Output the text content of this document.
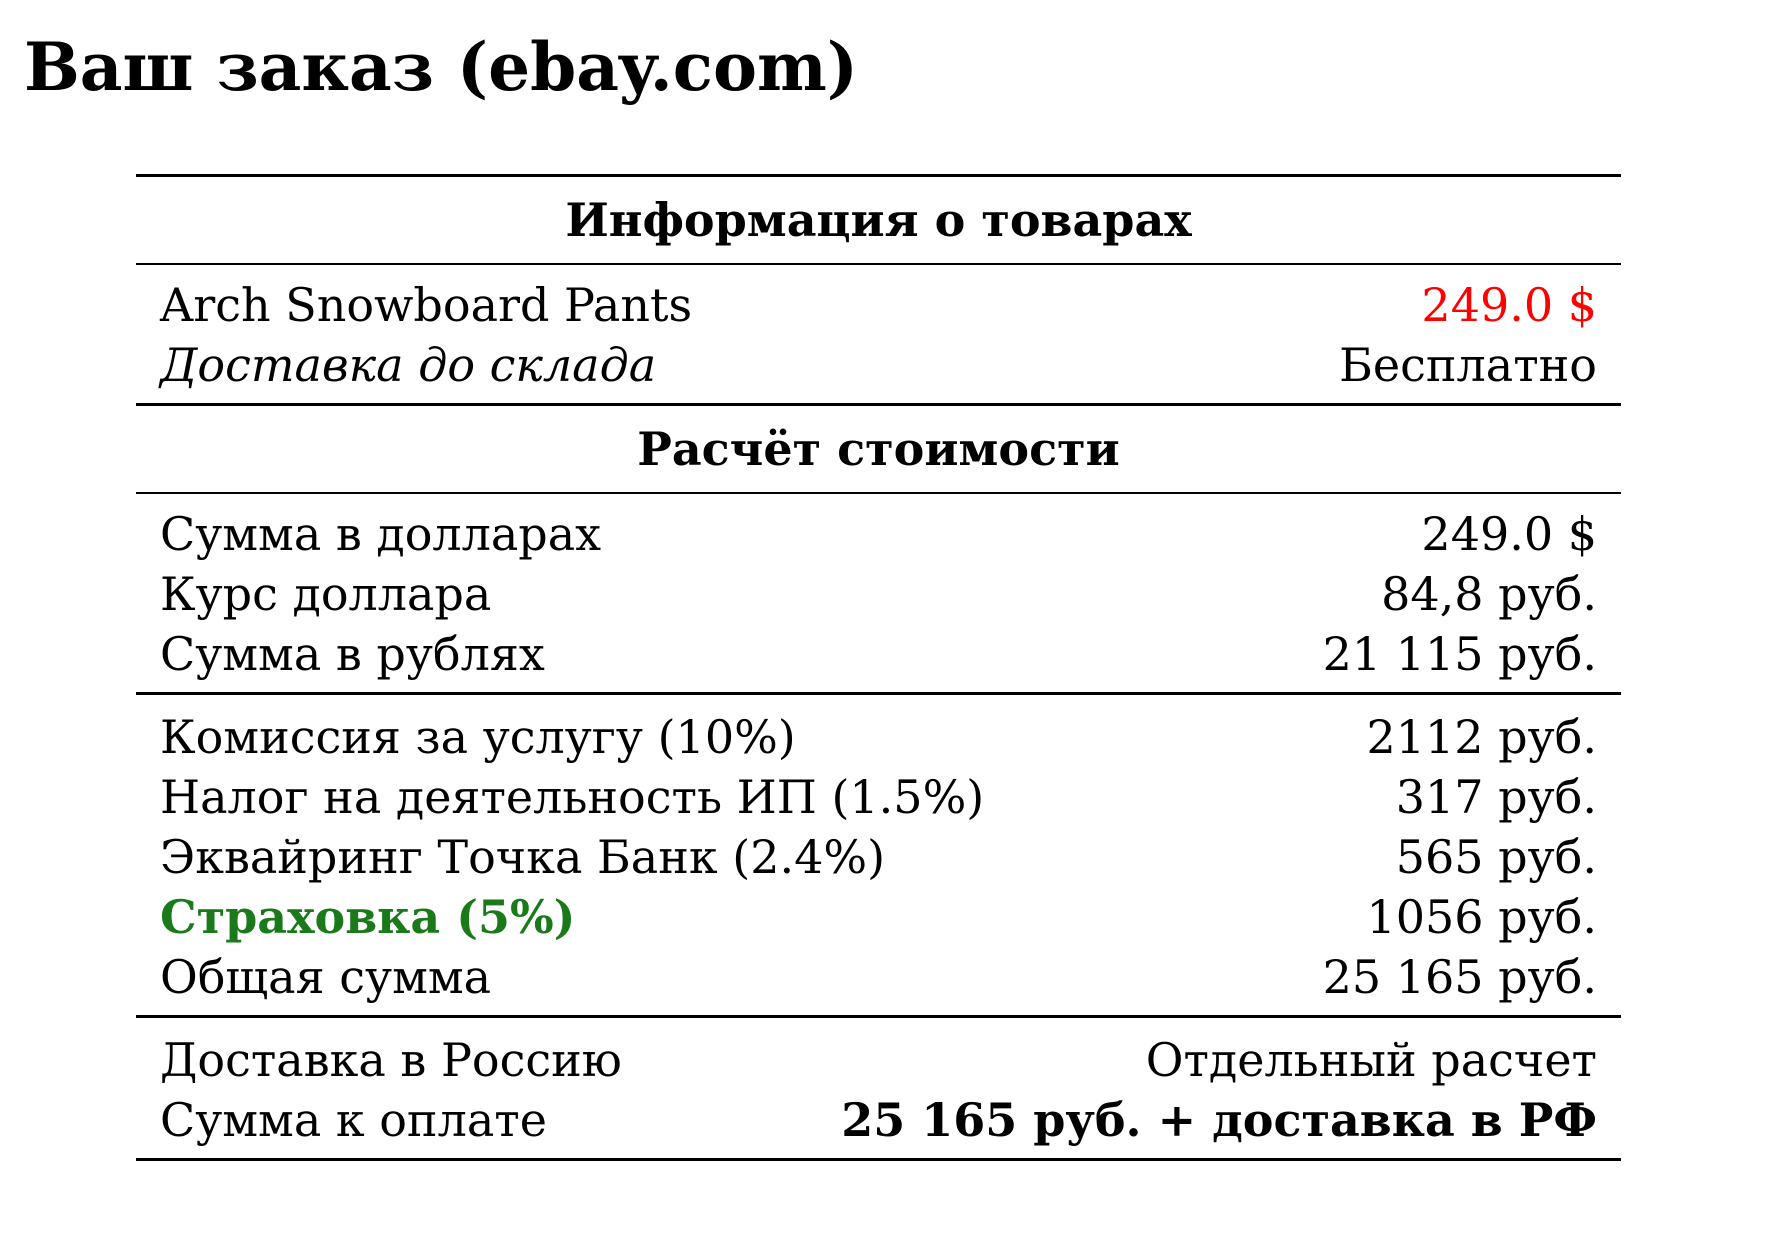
Ваш заказ (ebay.com)
Информация о товарах
Arch Snowboard Pants	249.0 $
Доставка до склада	Бесплатно
Расчёт стоимости
Сумма в долларах	249.0 $
Курс доллара	84,8 руб.
Сумма в рублях	21 115 руб.
Комиссия за услугу (10%)	2112 руб.
Налог на деятельность ИП (1.5%)	317 руб.
Эквайринг Точка Банк (2.4%)	565 руб.
Страховка (5%)	1056 руб.
Общая сумма	25 165 руб.
Доставка в Россию	Отдельный расчет
Сумма к оплате	25 165 руб. + доставка в РФ
